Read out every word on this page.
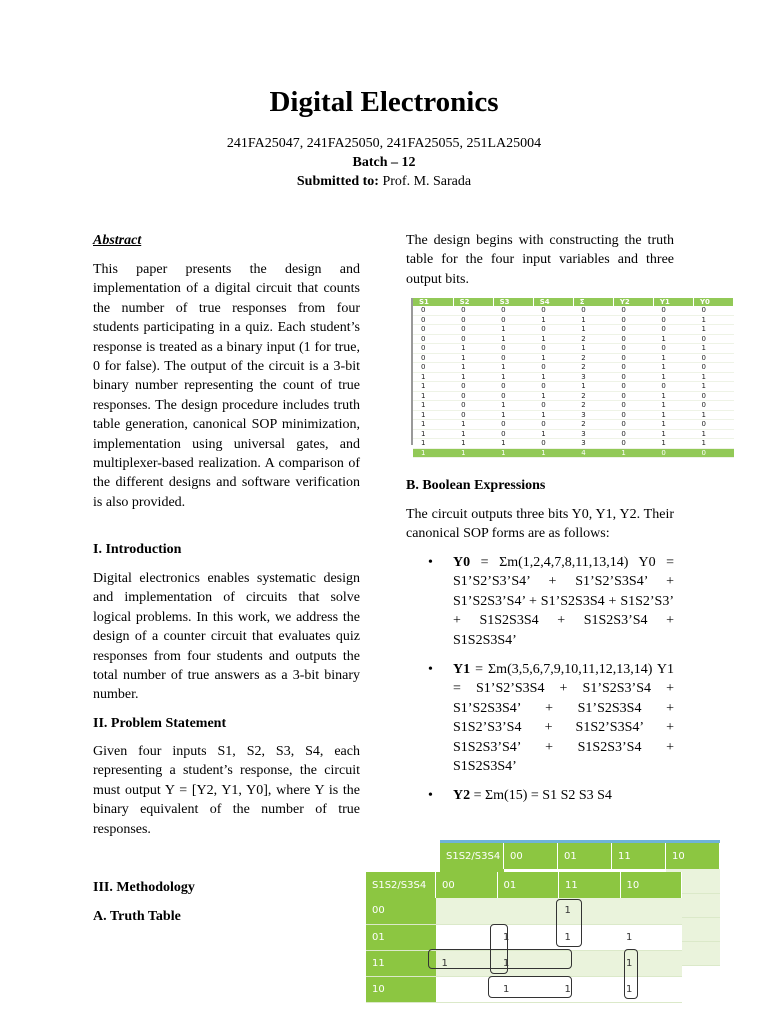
Digital Electronics
241FA25047, 241FA25050, 241FA25055, 251LA25004
Batch – 12
Submitted to: Prof. M. Sarada
Abstract
This paper presents the design and implementation of a digital circuit that counts the number of true responses from four students participating in a quiz. Each student’s response is treated as a binary input (1 for true, 0 for false). The output of the circuit is a 3-bit binary number representing the count of true responses. The design procedure includes truth table generation, canonical SOP minimization, implementation using universal gates, and multiplexer-based realization. A comparison of the different designs and software verification is also provided.
I. Introduction
Digital electronics enables systematic design and implementation of circuits that solve logical problems. In this work, we address the design of a counter circuit that evaluates quiz responses from four students and outputs the total number of true answers as a 3-bit binary number.
II. Problem Statement
Given four inputs S1, S2, S3, S4, each representing a student’s response, the circuit must output Y = [Y2, Y1, Y0], where Y is the binary equivalent of the number of true responses.
III. Methodology
A. Truth Table
The design begins with constructing the truth table for the four input variables and three output bits.
S1	S2	S3	S4	Σ	Y2	Y1	Y0
0	0	0	0	0	0	0	0
0	0	0	1	1	0	0	1
0	0	1	0	1	0	0	1
0	0	1	1	2	0	1	0
0	1	0	0	1	0	0	1
0	1	0	1	2	0	1	0
0	1	1	0	2	0	1	0
1	1	1	1	3	0	1	1
1	0	0	0	1	0	0	1
1	0	0	1	2	0	1	0
1	0	1	0	2	0	1	0
1	0	1	1	3	0	1	1
1	1	0	0	2	0	1	0
1	1	0	1	3	0	1	1
1	1	1	0	3	0	1	1
1	1	1	1	4	1	0	0
B. Boolean Expressions
The circuit outputs three bits Y0, Y1, Y2. Their canonical SOP forms are as follows:
• Y0 = Σm(1,2,4,7,8,11,13,14) Y0 = S1’S2’S3’S4’ + S1’S2’S3S4’ + S1’S2S3’S4’ + S1’S2S3S4 + S1S2’S3’ + S1S2S3S4 + S1S2S3’S4 + S1S2S3S4’
• Y1 = Σm(3,5,6,7,9,10,11,12,13,14) Y1 = S1’S2’S3S4 + S1’S2S3’S4 + S1’S2S3S4’ + S1’S2S3S4 + S1S2’S3’S4 + S1S2’S3S4’ + S1S2S3’S4’ + S1S2S3’S4 + S1S2S3S4’
• Y2 = Σm(15) = S1 S2 S3 S4
S1S2/S3S4	00	01	11	10

S1S2/S3S4	00	01	11	10
00			1	
01		1	1	1
11	1	1		1
10		1	1	1
